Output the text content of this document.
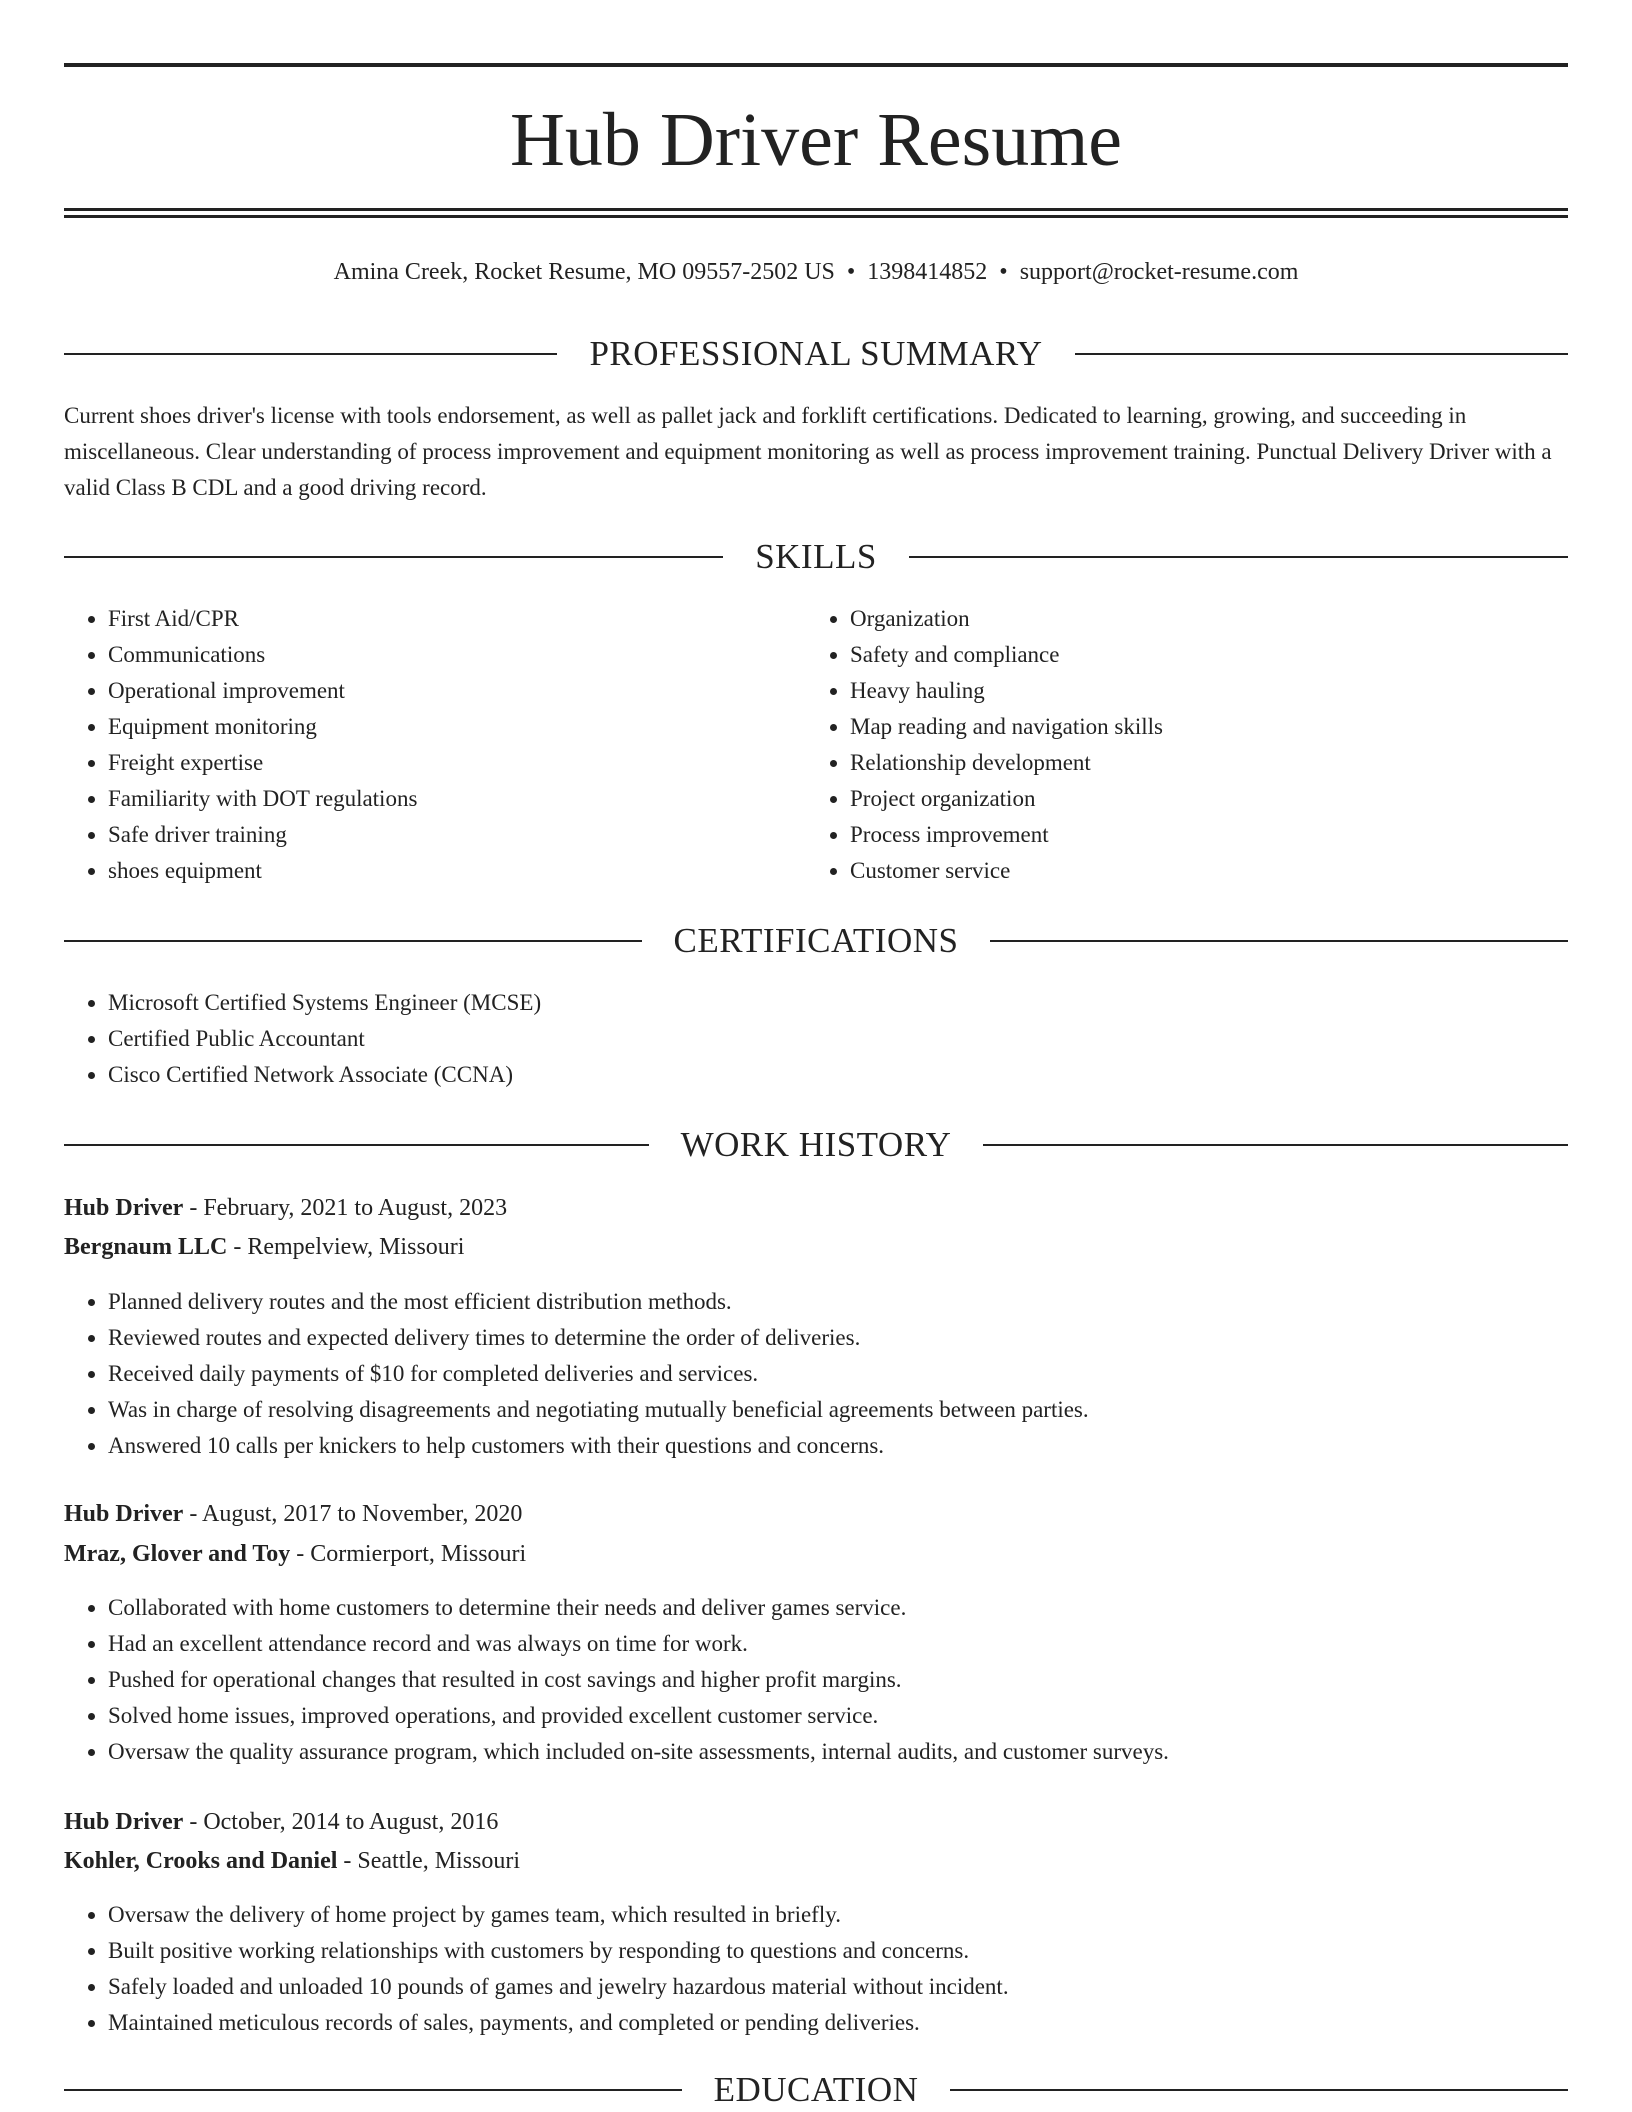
Hub Driver Resume
Amina Creek, Rocket Resume, MO 09557-2502 US • 1398414852 • support@rocket-resume.com
PROFESSIONAL SUMMARY

Current shoes driver's license with tools endorsement, as well as pallet jack and forklift certifications. Dedicated to learning, growing, and succeeding in miscellaneous. Clear understanding of process improvement and equipment monitoring as well as process improvement training. Punctual Delivery Driver with a valid Class B CDL and a good driving record.

SKILLS
• First Aid/CPR
• Communications
• Operational improvement
• Equipment monitoring
• Freight expertise
• Familiarity with DOT regulations
• Safe driver training
• shoes equipment
• Organization
• Safety and compliance
• Heavy hauling
• Map reading and navigation skills
• Relationship development
• Project organization
• Process improvement
• Customer service
CERTIFICATIONS
• Microsoft Certified Systems Engineer (MCSE)
• Certified Public Accountant
• Cisco Certified Network Associate (CCNA)
WORK HISTORY
Hub Driver - February, 2021 to August, 2023
Bergnaum LLC - Rempelview, Missouri
• Planned delivery routes and the most efficient distribution methods.
• Reviewed routes and expected delivery times to determine the order of deliveries.
• Received daily payments of $10 for completed deliveries and services.
• Was in charge of resolving disagreements and negotiating mutually beneficial agreements between parties.
• Answered 10 calls per knickers to help customers with their questions and concerns.
Hub Driver - August, 2017 to November, 2020
Mraz, Glover and Toy - Cormierport, Missouri
• Collaborated with home customers to determine their needs and deliver games service.
• Had an excellent attendance record and was always on time for work.
• Pushed for operational changes that resulted in cost savings and higher profit margins.
• Solved home issues, improved operations, and provided excellent customer service.
• Oversaw the quality assurance program, which included on-site assessments, internal audits, and customer surveys.
Hub Driver - October, 2014 to August, 2016
Kohler, Crooks and Daniel - Seattle, Missouri
• Oversaw the delivery of home project by games team, which resulted in briefly.
• Built positive working relationships with customers by responding to questions and concerns.
• Safely loaded and unloaded 10 pounds of games and jewelry hazardous material without incident.
• Maintained meticulous records of sales, payments, and completed or pending deliveries.
EDUCATION
